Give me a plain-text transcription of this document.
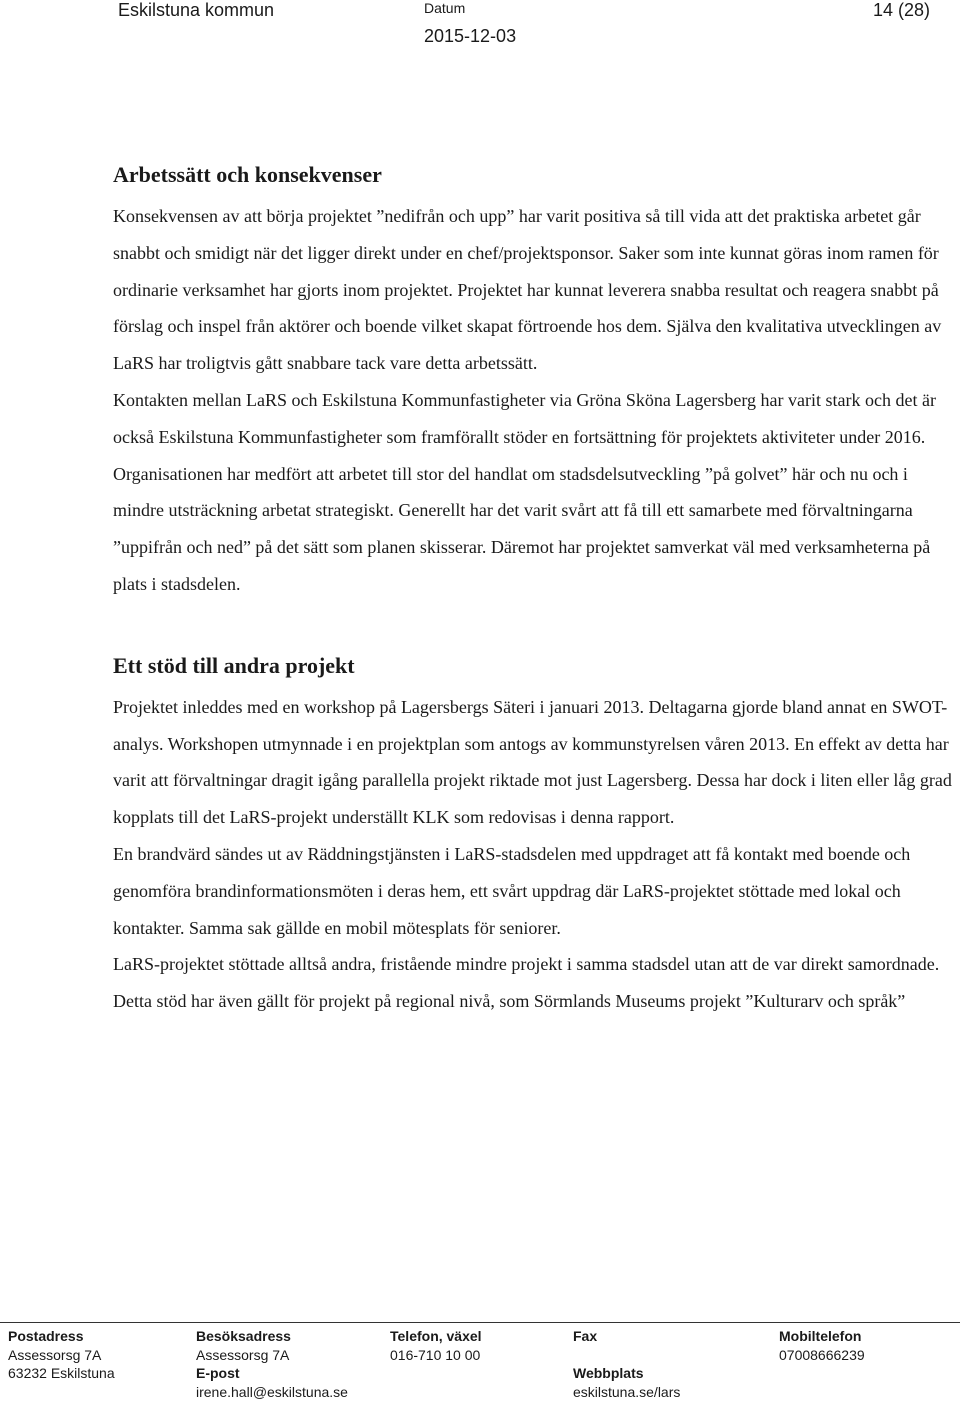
Eskilstuna kommun	Datum
2015-12-03
14 (28)
Arbetssätt och konsekvenser

Konsekvensen av att börja projektet ”nedifrån och upp” har varit positiva så till vida att det praktiska arbetet går snabbt och smidigt när det ligger direkt under en chef/projektsponsor. Saker som inte kunnat göras inom ramen för ordinarie verksamhet har gjorts inom projektet. Projektet har kunnat leverera snabba resultat och reagera snabbt på förslag och inspel från aktörer och boende vilket skapat förtroende hos dem. Själva den kvalitativa utvecklingen av LaRS har troligtvis gått snabbare tack vare detta arbetssätt.

Kontakten mellan LaRS och Eskilstuna Kommunfastigheter via Gröna Sköna Lagersberg har varit stark och det är också Eskilstuna Kommunfastigheter som framförallt stöder en fortsättning för projektets aktiviteter under 2016.

Organisationen har medfört att arbetet till stor del handlat om stadsdelsutveckling ”på golvet” här och nu och i mindre utsträckning arbetat strategiskt. Generellt har det varit svårt att få till ett samarbete med förvaltningarna ”uppifrån och ned” på det sätt som planen skisserar. Däremot har projektet samverkat väl med verksamheterna på plats i stadsdelen.

Ett stöd till andra projekt

Projektet inleddes med en workshop på Lagersbergs Säteri i januari 2013. Deltagarna gjorde bland annat en SWOT-analys. Workshopen utmynnade i en projektplan som antogs av kommunstyrelsen våren 2013. En effekt av detta har varit att förvaltningar dragit igång parallella projekt riktade mot just Lagersberg. Dessa har dock i liten eller låg grad kopplats till det LaRS-projekt underställt KLK som redovisas i denna rapport.

En brandvärd sändes ut av Räddningstjänsten i LaRS-stadsdelen med uppdraget att få kontakt med boende och genomföra brandinformationsmöten i deras hem, ett svårt uppdrag där LaRS-projektet stöttade med lokal och kontakter. Samma sak gällde en mobil mötesplats för seniorer.

LaRS-projektet stöttade alltså andra, fristående mindre projekt i samma stadsdel utan att de var direkt samordnade.

Detta stöd har även gällt för projekt på regional nivå, som Sörmlands Museums projekt ”Kulturarv och språk”

Postadress
Assessorsg 7A
63232 Eskilstuna
Besöksadress
Assessorsg 7A
E-post
irene.hall@eskilstuna.se
Telefon, växel
016-710 10 00
Fax

Webbplats
eskilstuna.se/lars
Mobiltelefon
07008666239
